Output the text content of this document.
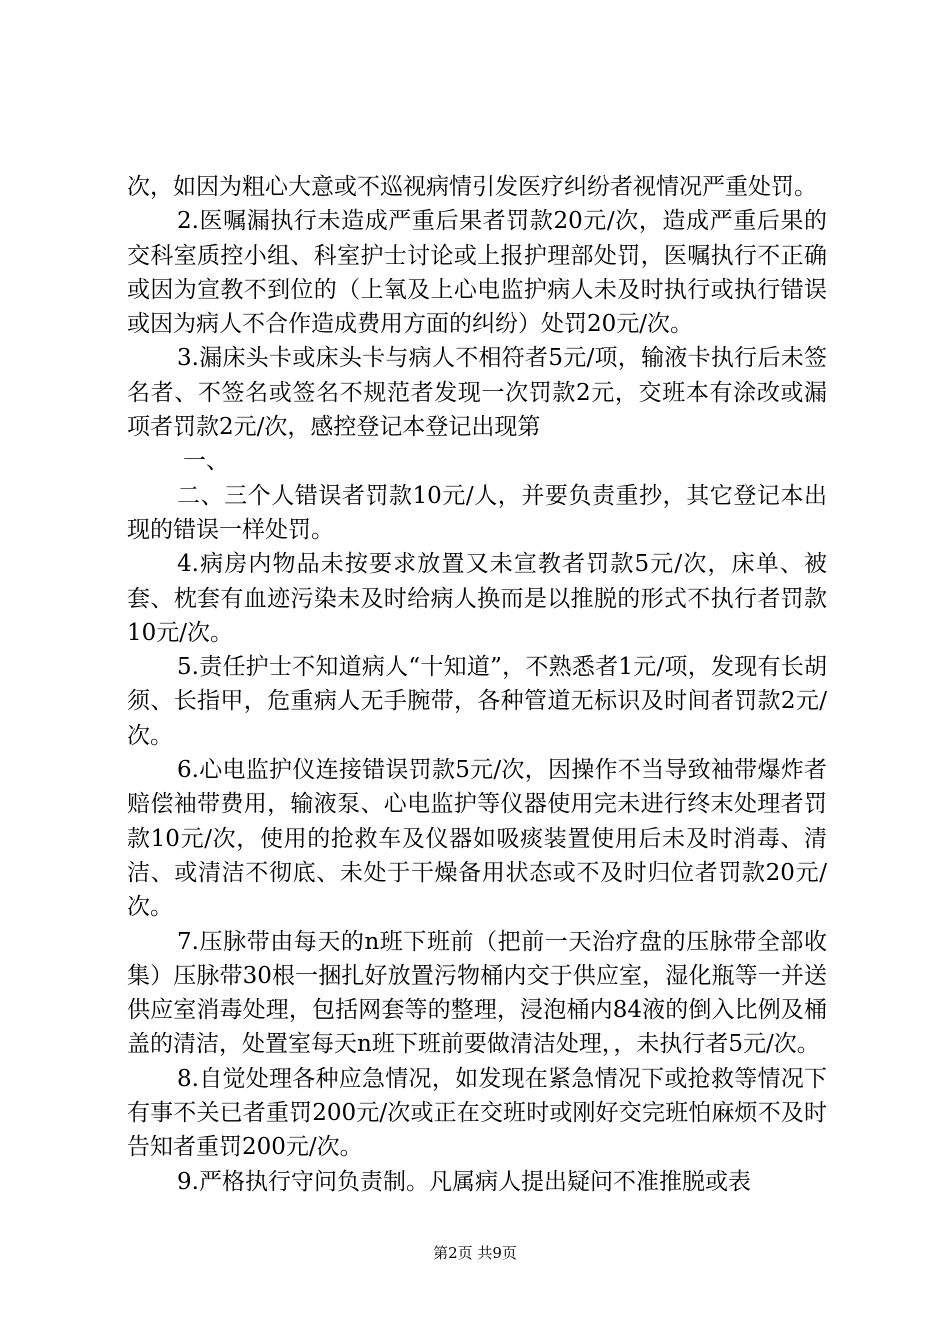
次，如因为粗心大意或不巡视病情引发医疗纠纷者视情况严重处罚。

2.医嘱漏执行未造成严重后果者罚款20元/次，造成严重后果的交科室质控小组、科室护士讨论或上报护理部处罚，医嘱执行不正确或因为宣教不到位的（上氧及上心电监护病人未及时执行或执行错误或因为病人不合作造成费用方面的纠纷）处罚20元/次。

3.漏床头卡或床头卡与病人不相符者5元/项，输液卡执行后未签名者、不签名或签名不规范者发现一次罚款2元，交班本有涂改或漏项者罚款2元/次，感控登记本登记出现第

一、

二、三个人错误者罚款10元/人，并要负责重抄，其它登记本出现的错误一样处罚。

4.病房内物品未按要求放置又未宣教者罚款5元/次，床单、被套、枕套有血迹污染未及时给病人换而是以推脱的形式不执行者罚款10元/次。

5.责任护士不知道病人“十知道”，不熟悉者1元/项，发现有长胡须、长指甲，危重病人无手腕带，各种管道无标识及时间者罚款2元/次。

6.心电监护仪连接错误罚款5元/次，因操作不当导致袖带爆炸者赔偿袖带费用，输液泵、心电监护等仪器使用完未进行终末处理者罚款10元/次，使用的抢救车及仪器如吸痰装置使用后未及时消毒、清洁、或清洁不彻底、未处于干燥备用状态或不及时归位者罚款20元/次。

7.压脉带由每天的n班下班前（把前一天治疗盘的压脉带全部收集）压脉带30根一捆扎好放置污物桶内交于供应室，湿化瓶等一并送供应室消毒处理，包括网套等的整理，浸泡桶内84液的倒入比例及桶盖的清洁，处置室每天n班下班前要做清洁处理，，未执行者5元/次。

8.自觉处理各种应急情况，如发现在紧急情况下或抢救等情况下有事不关已者重罚200元/次或正在交班时或刚好交完班怕麻烦不及时告知者重罚200元/次。

9.严格执行守问负责制。凡属病人提出疑问不准推脱或表

第2页 共9页
